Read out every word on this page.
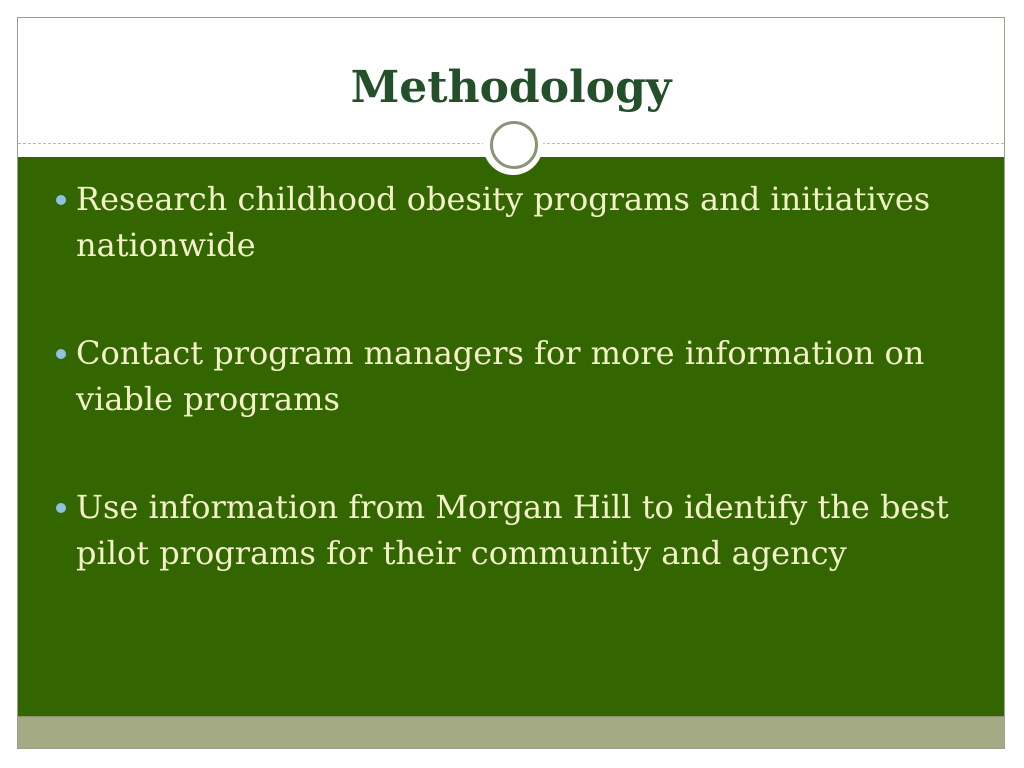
Methodology
Research childhood obesity programs and initiatives nationwide
Contact program managers for more information on viable programs
Use information from Morgan Hill to identify the best pilot programs for their community and agency
